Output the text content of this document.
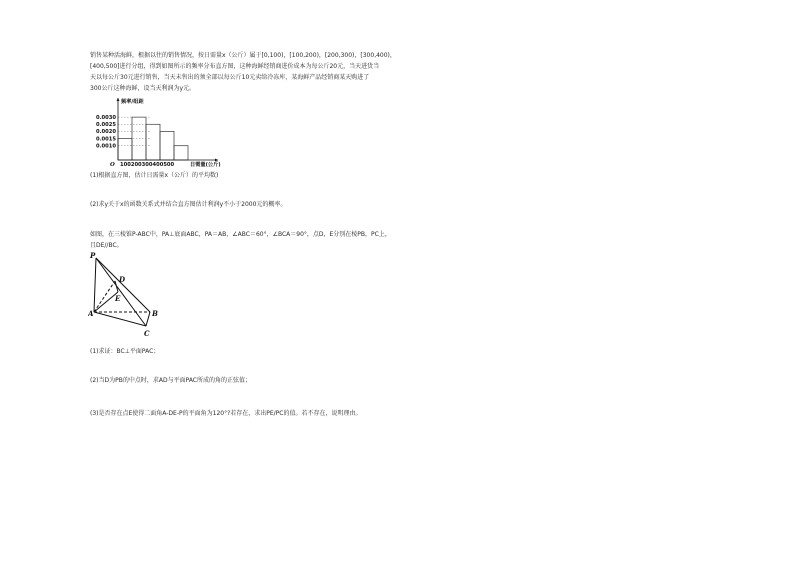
销售某种活海鲜，根据以往的销售情况，按日需量x（公斤）属于[0,100)，[100,200)，[200,300)，[300,400)，
[400,500]进行分组，得到如图所示的频率分布直方图，这种海鲜经销商进价成本为每公斤20元，当天进货当
天以每公斤30元进行销售，当天未售出的须全部以每公斤10元卖给冷冻库，某海鲜产品经销商某天购进了
300公斤这种海鲜，设当天利润为y元。
0.0030
0.0025
0.0020
0.0015
0.0010
频率/组距
O 100200300400500	日需量(公斤)
(1)根据直方图，估计日需量x（公斤）的平均数)
(2)求y关于x的函数关系式并结合直方图估计利润y不小于2000元的概率。
如图，在三棱锥P-ABC中，PA⊥底面ABC，PA＝AB，∠ABC＝60°，∠BCA＝90°，点D，E分别在棱PB，PC上，
且DE//BC。
P
D
E
A	B
C
(1)求证：BC⊥平面PAC；
(2)当D为PB的中点时，求AD与平面PAC所成的角的正弦值；
(3)是否存在点E使得二面角A-DE-P的平面角为120°?若存在，求出PE/PC的值。若不存在，说明理由。
